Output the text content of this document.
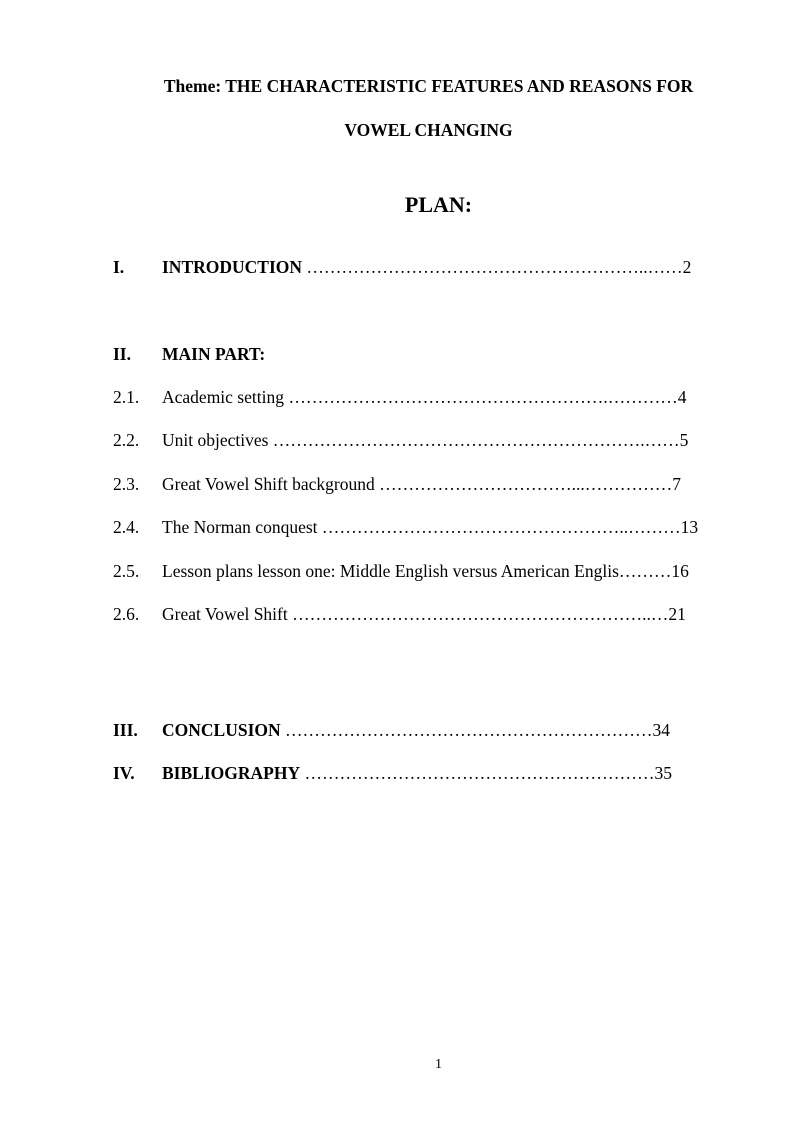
Theme: THE CHARACTERISTIC FEATURES AND REASONS FOR
VOWEL CHANGING
PLAN:
I. INTRODUCTION …………………………………………………..……2
II. MAIN PART:
2.1. Academic setting ……………………………………………….…………4
2.2. Unit objectives ……………………………………………………….……5
2.3. Great Vowel Shift background ……………………………...……………7
2.4. The Norman conquest ……………………………………………..………13
2.5. Lesson plans lesson one: Middle English versus American Englis………16
2.6. Great Vowel Shift ……………………………………………………..…21
III. CONCLUSION ………………………………………………………34
IV. BIBLIOGRAPHY ……………………………………………………35
1
